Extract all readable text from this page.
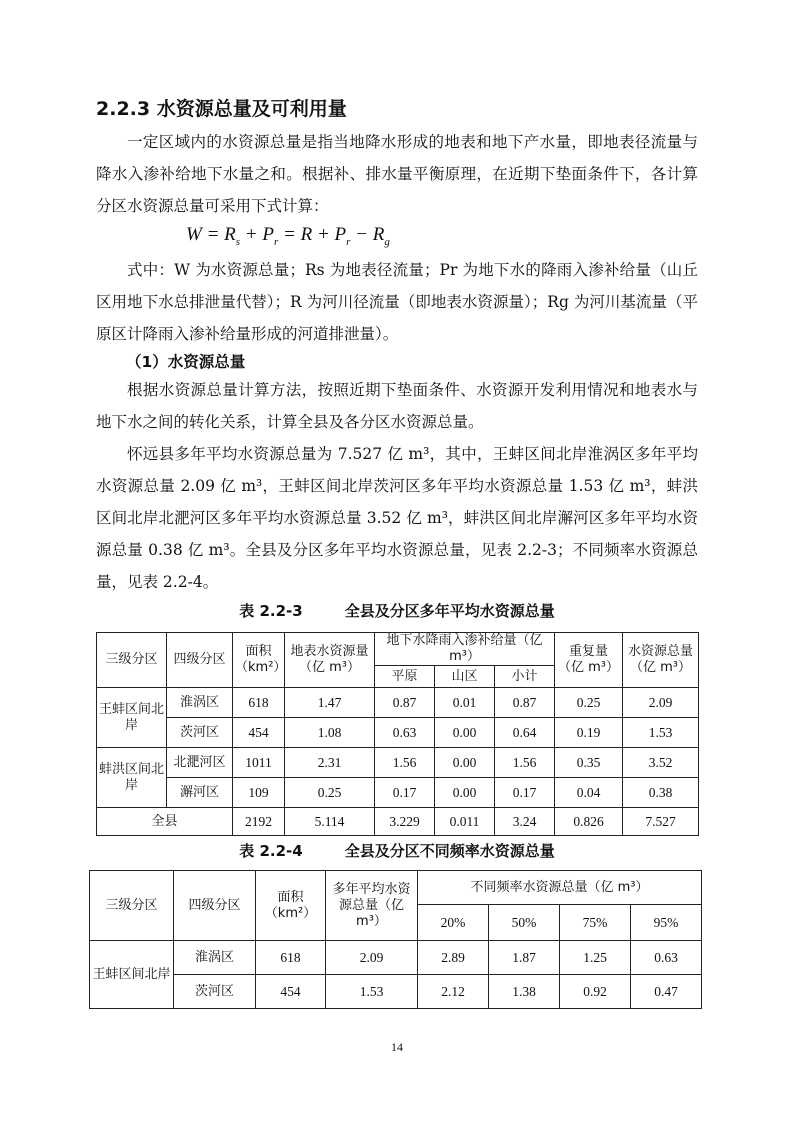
2.2.3 水资源总量及可利用量

一定区域内的水资源总量是指当地降水形成的地表和地下产水量，即地表径流量与降水入渗补给地下水量之和。根据补、排水量平衡原理，在近期下垫面条件下，各计算分区水资源总量可采用下式计算：

$W = R_s + P_r = R + P_r - R_g$

式中：W 为水资源总量；Rs 为地表径流量；Pr 为地下水的降雨入渗补给量（山丘区用地下水总排泄量代替）；R 为河川径流量（即地表水资源量）；Rg 为河川基流量（平原区计降雨入渗补给量形成的河道排泄量）。

（1）水资源总量

根据水资源总量计算方法，按照近期下垫面条件、水资源开发利用情况和地表水与地下水之间的转化关系，计算全县及各分区水资源总量。

怀远县多年平均水资源总量为 7.527 亿 m³，其中，王蚌区间北岸淮涡区多年平均水资源总量 2.09 亿 m³，王蚌区间北岸茨河区多年平均水资源总量 1.53 亿 m³，蚌洪区间北岸北淝河区多年平均水资源总量 3.52 亿 m³，蚌洪区间北岸澥河区多年平均水资源总量 0.38 亿 m³。全县及分区多年平均水资源总量，见表 2.2-3；不同频率水资源总量，见表 2.2-4。

表 2.2-3	全县及分区多年平均水资源总量
三级分区	四级分区	面积（km²）	地表水资源量（亿 m³）	地下水降雨入渗补给量（亿 m³）			重复量（亿 m³）	水资源总量（亿 m³）
				平原	山区	小计		
王蚌区间北岸	淮涡区	618	1.47	0.87	0.01	0.87	0.25	2.09
	茨河区	454	1.08	0.63	0.00	0.64	0.19	1.53
蚌洪区间北岸	北淝河区	1011	2.31	1.56	0.00	1.56	0.35	3.52
	澥河区	109	0.25	0.17	0.00	0.17	0.04	0.38
全县		2192	5.114	3.229	0.011	3.24	0.826	7.527
表 2.2-4	全县及分区不同频率水资源总量
三级分区	四级分区	面积（km²）	多年平均水资源总量（亿 m³）	不同频率水资源总量（亿 m³）			
				20%	50%	75%	95%
王蚌区间北岸	淮涡区	618	2.09	2.89	1.87	1.25	0.63
	茨河区	454	1.53	2.12	1.38	0.92	0.47
14
